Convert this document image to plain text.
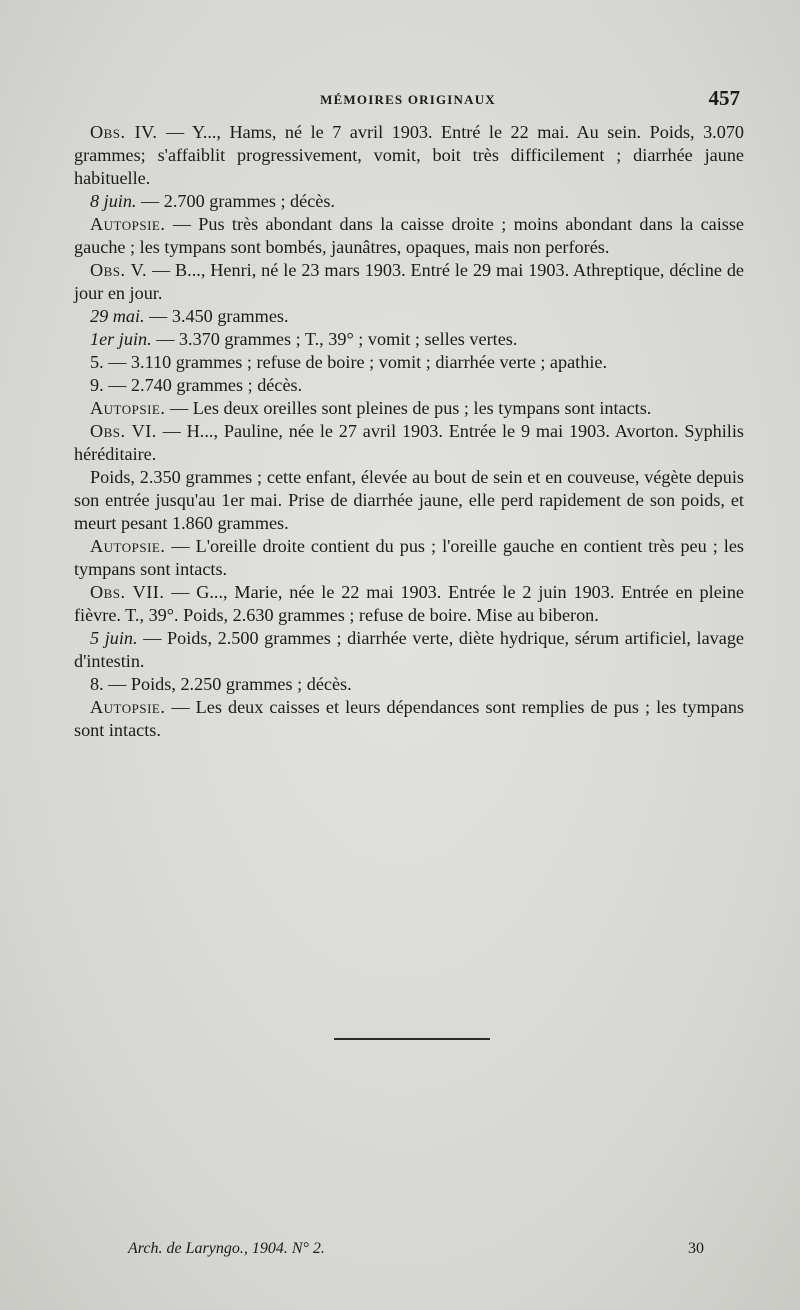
MÉMOIRES ORIGINAUX	457

Obs. IV. — Y..., Hams, né le 7 avril 1903. Entré le 22 mai. Au sein. Poids, 3.070 grammes; s'affaiblit progressivement, vomit, boit très difficilement ; diarrhée jaune habituelle.

8 juin. — 2.700 grammes ; décès.

Autopsie. — Pus très abondant dans la caisse droite ; moins abondant dans la caisse gauche ; les tympans sont bombés, jaunâtres, opaques, mais non perforés.

Obs. V. — B..., Henri, né le 23 mars 1903. Entré le 29 mai 1903. Athreptique, décline de jour en jour.

29 mai. — 3.450 grammes.

1er juin. — 3.370 grammes ; T., 39° ; vomit ; selles vertes.

5. — 3.110 grammes ; refuse de boire ; vomit ; diarrhée verte ; apathie.

9. — 2.740 grammes ; décès.

Autopsie. — Les deux oreilles sont pleines de pus ; les tympans sont intacts.

Obs. VI. — H..., Pauline, née le 27 avril 1903. Entrée le 9 mai 1903. Avorton. Syphilis héréditaire.

Poids, 2.350 grammes ; cette enfant, élevée au bout de sein et en couveuse, végète depuis son entrée jusqu'au 1er mai. Prise de diarrhée jaune, elle perd rapidement de son poids, et meurt pesant 1.860 grammes.

Autopsie. — L'oreille droite contient du pus ; l'oreille gauche en contient très peu ; les tympans sont intacts.

Obs. VII. — G..., Marie, née le 22 mai 1903. Entrée le 2 juin 1903. Entrée en pleine fièvre. T., 39°. Poids, 2.630 grammes ; refuse de boire. Mise au biberon.

5 juin. — Poids, 2.500 grammes ; diarrhée verte, diète hydrique, sérum artificiel, lavage d'intestin.

8. — Poids, 2.250 grammes ; décès.

Autopsie. — Les deux caisses et leurs dépendances sont remplies de pus ; les tympans sont intacts.

Arch. de Laryngo., 1904. N° 2.	30
